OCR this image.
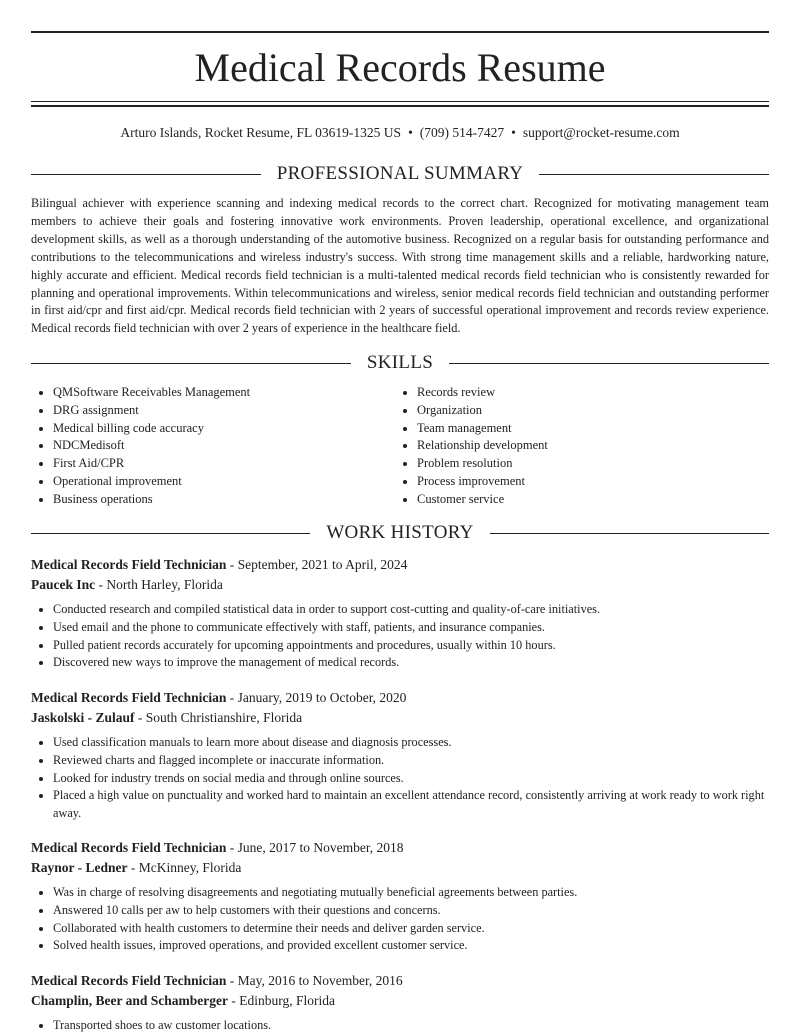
Medical Records Resume
Arturo Islands, Rocket Resume, FL 03619-1325 US • (709) 514-7427 • support@rocket-resume.com
PROFESSIONAL SUMMARY

Bilingual achiever with experience scanning and indexing medical records to the correct chart. Recognized for motivating management team members to achieve their goals and fostering innovative work environments. Proven leadership, operational excellence, and organizational development skills, as well as a thorough understanding of the automotive business. Recognized on a regular basis for outstanding performance and contributions to the telecommunications and wireless industry's success. With strong time management skills and a reliable, hardworking nature, highly accurate and efficient. Medical records field technician is a multi-talented medical records field technician who is consistently rewarded for planning and operational improvements. Within telecommunications and wireless, senior medical records field technician and outstanding performer in first aid/cpr and first aid/cpr. Medical records field technician with 2 years of successful operational improvement and records review experience. Medical records field technician with over 2 years of experience in the healthcare field.

SKILLS
• QMSoftware Receivables Management
• DRG assignment
• Medical billing code accuracy
• NDCMedisoft
• First Aid/CPR
• Operational improvement
• Business operations
• Records review
• Organization
• Team management
• Relationship development
• Problem resolution
• Process improvement
• Customer service
WORK HISTORY
Medical Records Field Technician - September, 2021 to April, 2024
Paucek Inc - North Harley, Florida
• Conducted research and compiled statistical data in order to support cost-cutting and quality-of-care initiatives.
• Used email and the phone to communicate effectively with staff, patients, and insurance companies.
• Pulled patient records accurately for upcoming appointments and procedures, usually within 10 hours.
• Discovered new ways to improve the management of medical records.
Medical Records Field Technician - January, 2019 to October, 2020
Jaskolski - Zulauf - South Christianshire, Florida
• Used classification manuals to learn more about disease and diagnosis processes.
• Reviewed charts and flagged incomplete or inaccurate information.
• Looked for industry trends on social media and through online sources.
• Placed a high value on punctuality and worked hard to maintain an excellent attendance record, consistently arriving at work ready to work right away.
Medical Records Field Technician - June, 2017 to November, 2018
Raynor - Ledner - McKinney, Florida
• Was in charge of resolving disagreements and negotiating mutually beneficial agreements between parties.
• Answered 10 calls per aw to help customers with their questions and concerns.
• Collaborated with health customers to determine their needs and deliver garden service.
• Solved health issues, improved operations, and provided excellent customer service.
Medical Records Field Technician - May, 2016 to November, 2016
Champlin, Beer and Schamberger - Edinburg, Florida
• Transported shoes to aw customer locations.
